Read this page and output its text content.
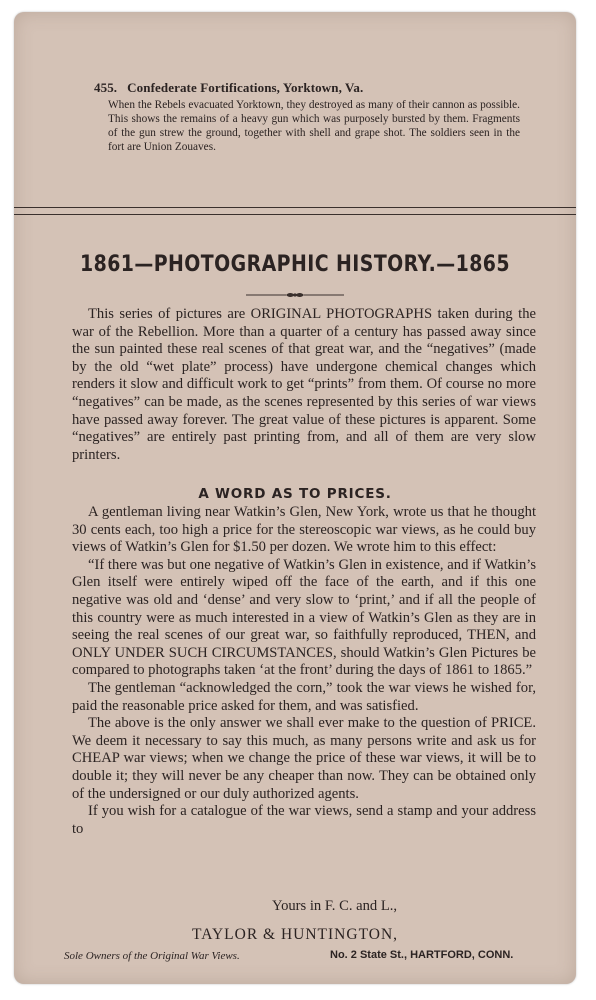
455. Confederate Fortifications, Yorktown, Va.
When the Rebels evacuated Yorktown, they destroyed as many of their cannon as possible. This shows the remains of a heavy gun which was purposely bursted by them. Fragments of the gun strew the ground, together with shell and grape shot. The soldiers seen in the fort are Union Zouaves.
1861—PHOTOGRAPHIC HISTORY.—1865

This series of pictures are ORIGINAL PHOTOGRAPHS taken during the war of the Rebellion. More than a quarter of a century has passed away since the sun painted these real scenes of that great war, and the “negatives” (made by the old “wet plate” process) have undergone chemical changes which renders it slow and difficult work to get “prints” from them. Of course no more “negatives” can be made, as the scenes represented by this series of war views have passed away forever. The great value of these pictures is apparent. Some “negatives” are entirely past printing from, and all of them are very slow printers.

A WORD AS TO PRICES.

A gentleman living near Watkin’s Glen, New York, wrote us that he thought 30 cents each, too high a price for the stereoscopic war views, as he could buy views of Watkin’s Glen for $1.50 per dozen. We wrote him to this effect:

“If there was but one negative of Watkin’s Glen in existence, and if Watkin’s Glen itself were entirely wiped off the face of the earth, and if this one negative was old and ‘dense’ and very slow to ‘print,’ and if all the people of this country were as much interested in a view of Watkin’s Glen as they are in seeing the real scenes of our great war, so faithfully reproduced, THEN, and ONLY UNDER SUCH CIRCUMSTANCES, should Watkin’s Glen Pictures be compared to photographs taken ‘at the front’ during the days of 1861 to 1865.”

The gentleman “acknowledged the corn,” took the war views he wished for, paid the reasonable price asked for them, and was satisfied.

The above is the only answer we shall ever make to the question of PRICE. We deem it necessary to say this much, as many persons write and ask us for CHEAP war views; when we change the price of these war views, it will be to double it; they will never be any cheaper than now. They can be obtained only of the undersigned or our duly authorized agents.

If you wish for a catalogue of the war views, send a stamp and your address to

Yours in F. C. and L.,
TAYLOR & HUNTINGTON,
Sole Owners of the Original War Views.	No. 2 State St., HARTFORD, CONN.
